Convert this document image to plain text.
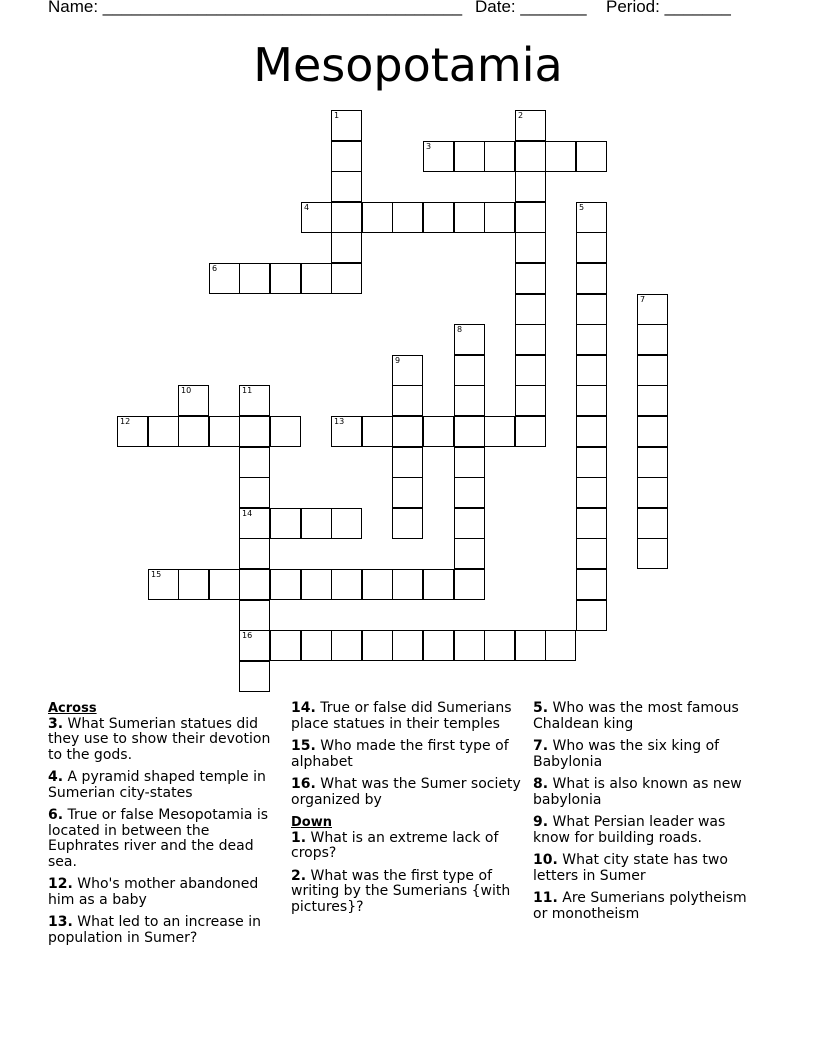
Name: ______________________________________ Date: _______ Period: _______
Mesopotamia
1	2
3
4	5
6
7
8
9
10	11
14
16
12	13
15
Across
3. What Sumerian statues did they use to show their devotion to the gods.
4. A pyramid shaped temple in Sumerian city-states
6. True or false Mesopotamia is located in between the Euphrates river and the dead sea.
12. Who's mother abandoned him as a baby
13. What led to an increase in population in Sumer?
14. True or false did Sumerians place statues in their temples
15. Who made the first type of alphabet
16. What was the Sumer society organized by
Down
1. What is an extreme lack of crops?
2. What was the first type of writing by the Sumerians {with pictures}?
5. Who was the most famous Chaldean king
7. Who was the six king of Babylonia
8. What is also known as new babylonia
9. What Persian leader was know for building roads.
10. What city state has two letters in Sumer
11. Are Sumerians polytheism or monotheism
